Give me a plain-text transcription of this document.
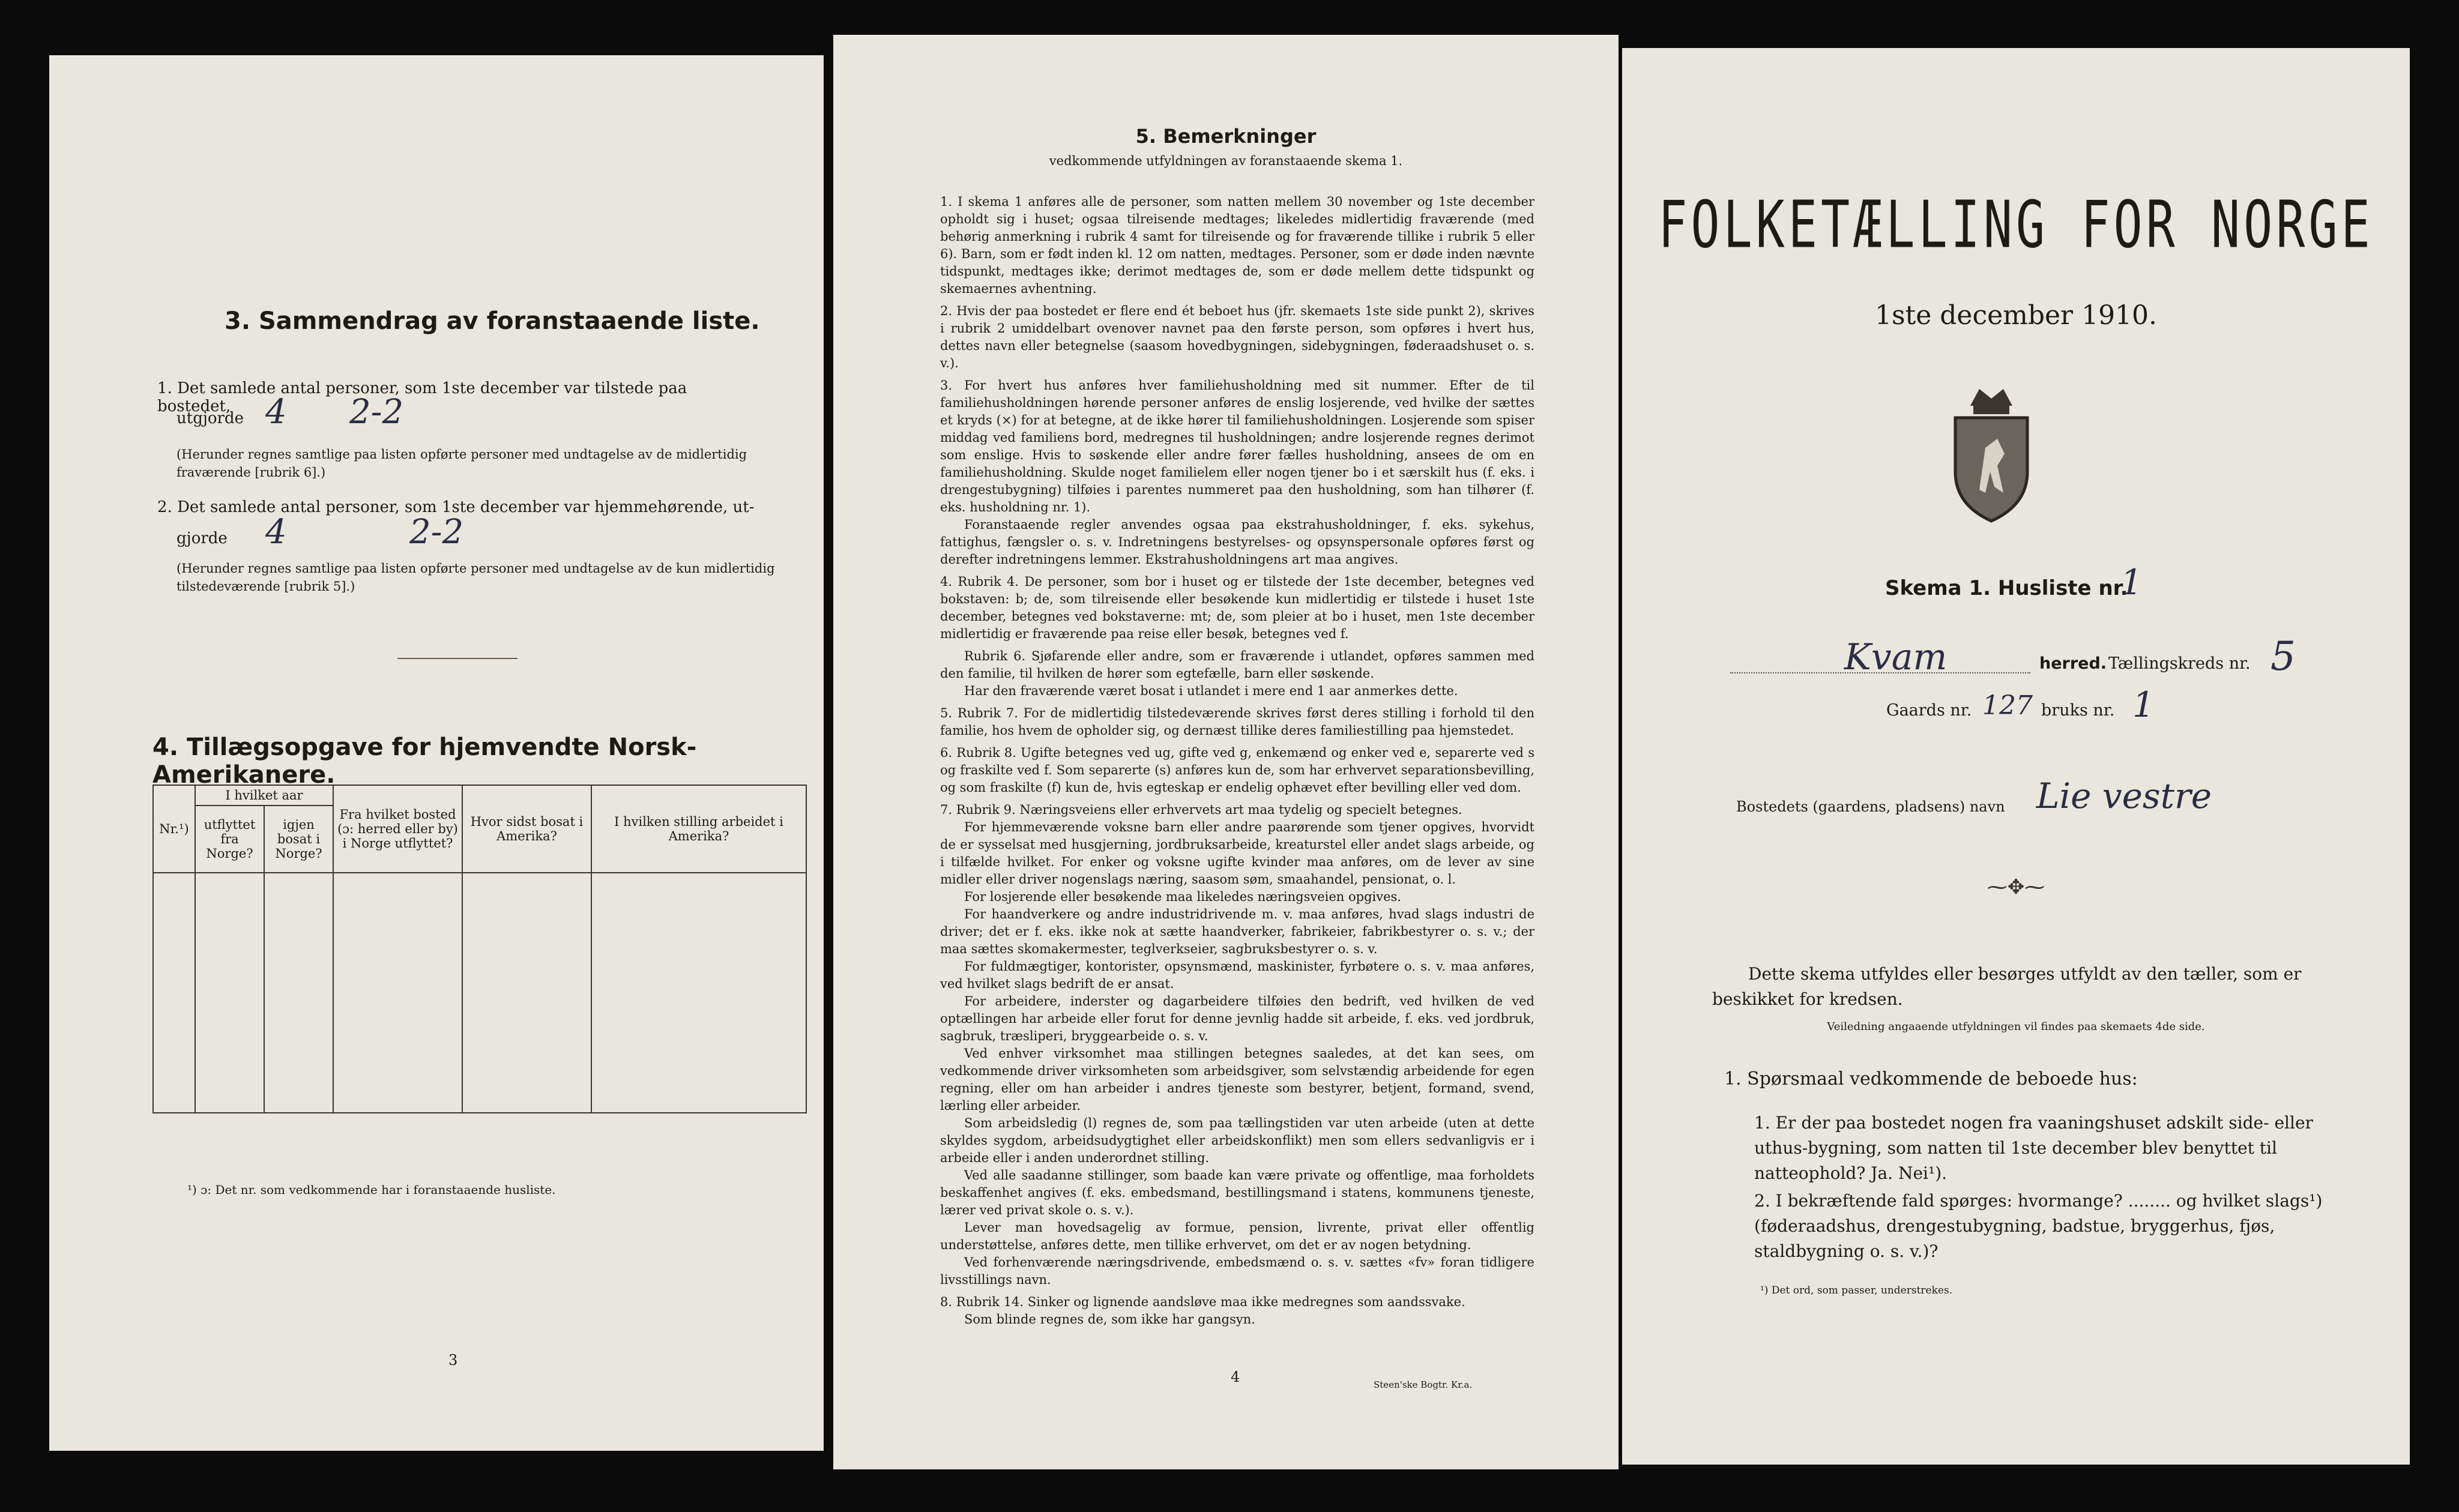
3. Sammendrag av foranstaaende liste.
1. Det samlede antal personer, som 1ste december var tilstede paa bostedet,
utgjorde 4 2-2
(Herunder regnes samtlige paa listen opførte personer med undtagelse av de midlertidig fraværende [rubrik 6].)
2. Det samlede antal personer, som 1ste december var hjemmehørende, ut-
gjorde 4	2-2
(Herunder regnes samtlige paa listen opførte personer med undtagelse av de kun midlertidig tilstedeværende [rubrik 5].)
4. Tillægsopgave for hjemvendte Norsk-Amerikanere.
Nr.¹)	I hvilket aar		Fra hvilket bosted (ɔ: herred eller by) i Norge utflyttet?	Hvor sidst bosat i Amerika?	I hvilken stilling arbeidet i Amerika?
	utflyttet fra Norge?	igjen bosat i Norge?			

¹) ɔ: Det nr. som vedkommende har i foranstaaende husliste.
3
5. Bemerkninger
vedkommende utfyldningen av foranstaaende skema 1.
1. I skema 1 anføres alle de personer, som natten mellem 30 november og 1ste december opholdt sig i huset; ogsaa tilreisende medtages; likeledes midlertidig fraværende (med behørig anmerkning i rubrik 4 samt for tilreisende og for fraværende tillike i rubrik 5 eller 6). Barn, som er født inden kl. 12 om natten, medtages. Personer, som er døde inden nævnte tidspunkt, medtages ikke; derimot medtages de, som er døde mellem dette tidspunkt og skemaernes avhentning.
2. Hvis der paa bostedet er flere end ét beboet hus (jfr. skemaets 1ste side punkt 2), skrives i rubrik 2 umiddelbart ovenover navnet paa den første person, som opføres i hvert hus, dettes navn eller betegnelse (saasom hovedbygningen, sidebygningen, føderaadshuset o. s. v.).
3. For hvert hus anføres hver familiehusholdning med sit nummer. Efter de til familiehusholdningen hørende personer anføres de enslig losjerende, ved hvilke der sættes et kryds (×) for at betegne, at de ikke hører til familiehusholdningen. Losjerende som spiser middag ved familiens bord, medregnes til husholdningen; andre losjerende regnes derimot som enslige. Hvis to søskende eller andre fører fælles husholdning, ansees de om en familiehusholdning. Skulde noget familielem eller nogen tjener bo i et særskilt hus (f. eks. i drengestubygning) tilføies i parentes nummeret paa den husholdning, som han tilhører (f. eks. husholdning nr. 1).
Foranstaaende regler anvendes ogsaa paa ekstrahusholdninger, f. eks. sykehus, fattighus, fængsler o. s. v. Indretningens bestyrelses- og opsynspersonale opføres først og derefter indretningens lemmer. Ekstrahusholdningens art maa angives.
4. Rubrik 4. De personer, som bor i huset og er tilstede der 1ste december, betegnes ved bokstaven: b; de, som tilreisende eller besøkende kun midlertidig er tilstede i huset 1ste december, betegnes ved bokstaverne: mt; de, som pleier at bo i huset, men 1ste december midlertidig er fraværende paa reise eller besøk, betegnes ved f.
Rubrik 6. Sjøfarende eller andre, som er fraværende i utlandet, opføres sammen med den familie, til hvilken de hører som egtefælle, barn eller søskende.
Har den fraværende været bosat i utlandet i mere end 1 aar anmerkes dette.
5. Rubrik 7. For de midlertidig tilstedeværende skrives først deres stilling i forhold til den familie, hos hvem de opholder sig, og dernæst tillike deres familiestilling paa hjemstedet.
6. Rubrik 8. Ugifte betegnes ved ug, gifte ved g, enkemænd og enker ved e, separerte ved s og fraskilte ved f. Som separerte (s) anføres kun de, som har erhvervet separationsbevilling, og som fraskilte (f) kun de, hvis egteskap er endelig ophævet efter bevilling eller ved dom.
7. Rubrik 9. Næringsveiens eller erhvervets art maa tydelig og specielt betegnes.
For hjemmeværende voksne barn eller andre paarørende som tjener opgives, hvorvidt de er sysselsat med husgjerning, jordbruksarbeide, kreaturstel eller andet slags arbeide, og i tilfælde hvilket. For enker og voksne ugifte kvinder maa anføres, om de lever av sine midler eller driver nogenslags næring, saasom søm, smaahandel, pensionat, o. l.
For losjerende eller besøkende maa likeledes næringsveien opgives.
For haandverkere og andre industridrivende m. v. maa anføres, hvad slags industri de driver; det er f. eks. ikke nok at sætte haandverker, fabrikeier, fabrikbestyrer o. s. v.; der maa sættes skomakermester, teglverkseier, sagbruksbestyrer o. s. v.
For fuldmægtiger, kontorister, opsynsmænd, maskinister, fyrbøtere o. s. v. maa anføres, ved hvilket slags bedrift de er ansat.
For arbeidere, inderster og dagarbeidere tilføies den bedrift, ved hvilken de ved optællingen har arbeide eller forut for denne jevnlig hadde sit arbeide, f. eks. ved jordbruk, sagbruk, træsliperi, bryggearbeide o. s. v.
Ved enhver virksomhet maa stillingen betegnes saaledes, at det kan sees, om vedkommende driver virksomheten som arbeidsgiver, som selvstændig arbeidende for egen regning, eller om han arbeider i andres tjeneste som bestyrer, betjent, formand, svend, lærling eller arbeider.
Som arbeidsledig (l) regnes de, som paa tællingstiden var uten arbeide (uten at dette skyldes sygdom, arbeidsudygtighet eller arbeidskonflikt) men som ellers sedvanligvis er i arbeide eller i anden underordnet stilling.
Ved alle saadanne stillinger, som baade kan være private og offentlige, maa forholdets beskaffenhet angives (f. eks. embedsmand, bestillingsmand i statens, kommunens tjeneste, lærer ved privat skole o. s. v.).
Lever man hovedsagelig av formue, pension, livrente, privat eller offentlig understøttelse, anføres dette, men tillike erhvervet, om det er av nogen betydning.
Ved forhenværende næringsdrivende, embedsmænd o. s. v. sættes «fv» foran tidligere livsstillings navn.
8. Rubrik 14. Sinker og lignende aandsløve maa ikke medregnes som aandssvake.
Som blinde regnes de, som ikke har gangsyn.
4	Steen'ske Bogtr. Kr.a.
FOLKETÆLLING FOR NORGE
1ste december 1910.
Skema 1. Husliste nr.
1
Kvam	herred. Tællingskreds nr. 5
Gaards nr. 127 bruks nr. 1
Bostedets (gaardens, pladsens) navn Lie vestre
⁓✥⁓
Dette skema utfyldes eller besørges utfyldt av den tæller, som er beskikket for kredsen.
Veiledning angaaende utfyldningen vil findes paa skemaets 4de side.
1. Spørsmaal vedkommende de beboede hus:
1. Er der paa bostedet nogen fra vaaningshuset adskilt side- eller uthus-bygning, som natten til 1ste december blev benyttet til natteophold? Ja. Nei¹).
2. I bekræftende fald spørges: hvormange? ........ og hvilket slags¹) (føderaadshus, drengestubygning, badstue, bryggerhus, fjøs, staldbygning o. s. v.)?
¹) Det ord, som passer, understrekes.
